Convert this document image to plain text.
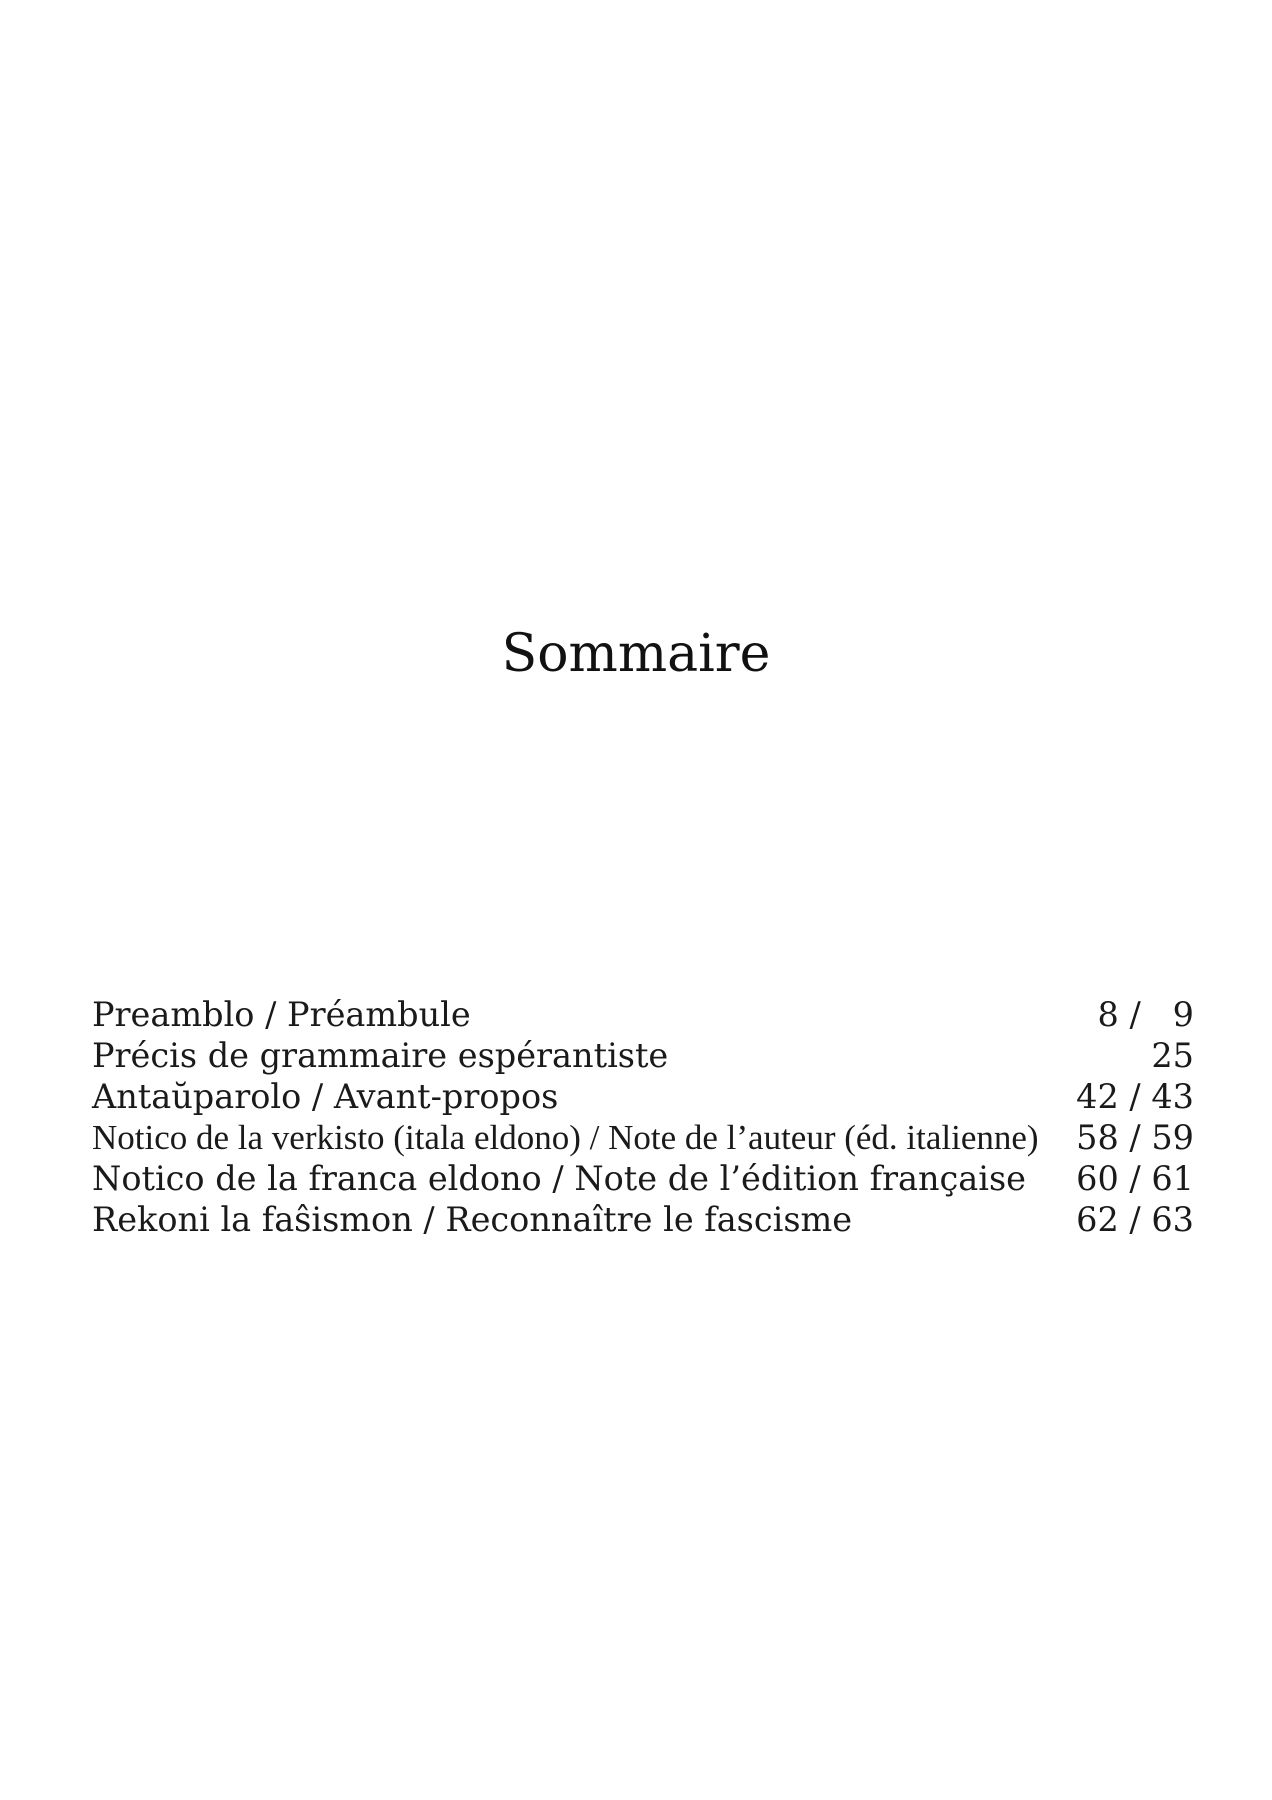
Sommaire
Preamblo / Préambule	8 /   9
Précis de grammaire espérantiste	25
Antaŭparolo / Avant-propos	42 / 43
Notico de la verkisto (itala eldono) / Note de l’auteur (éd. italienne) 58 / 59
Notico de la franca eldono / Note de l’édition française 60 / 61
Rekoni la faŝismon / Reconnaître le fascisme	62 / 63
